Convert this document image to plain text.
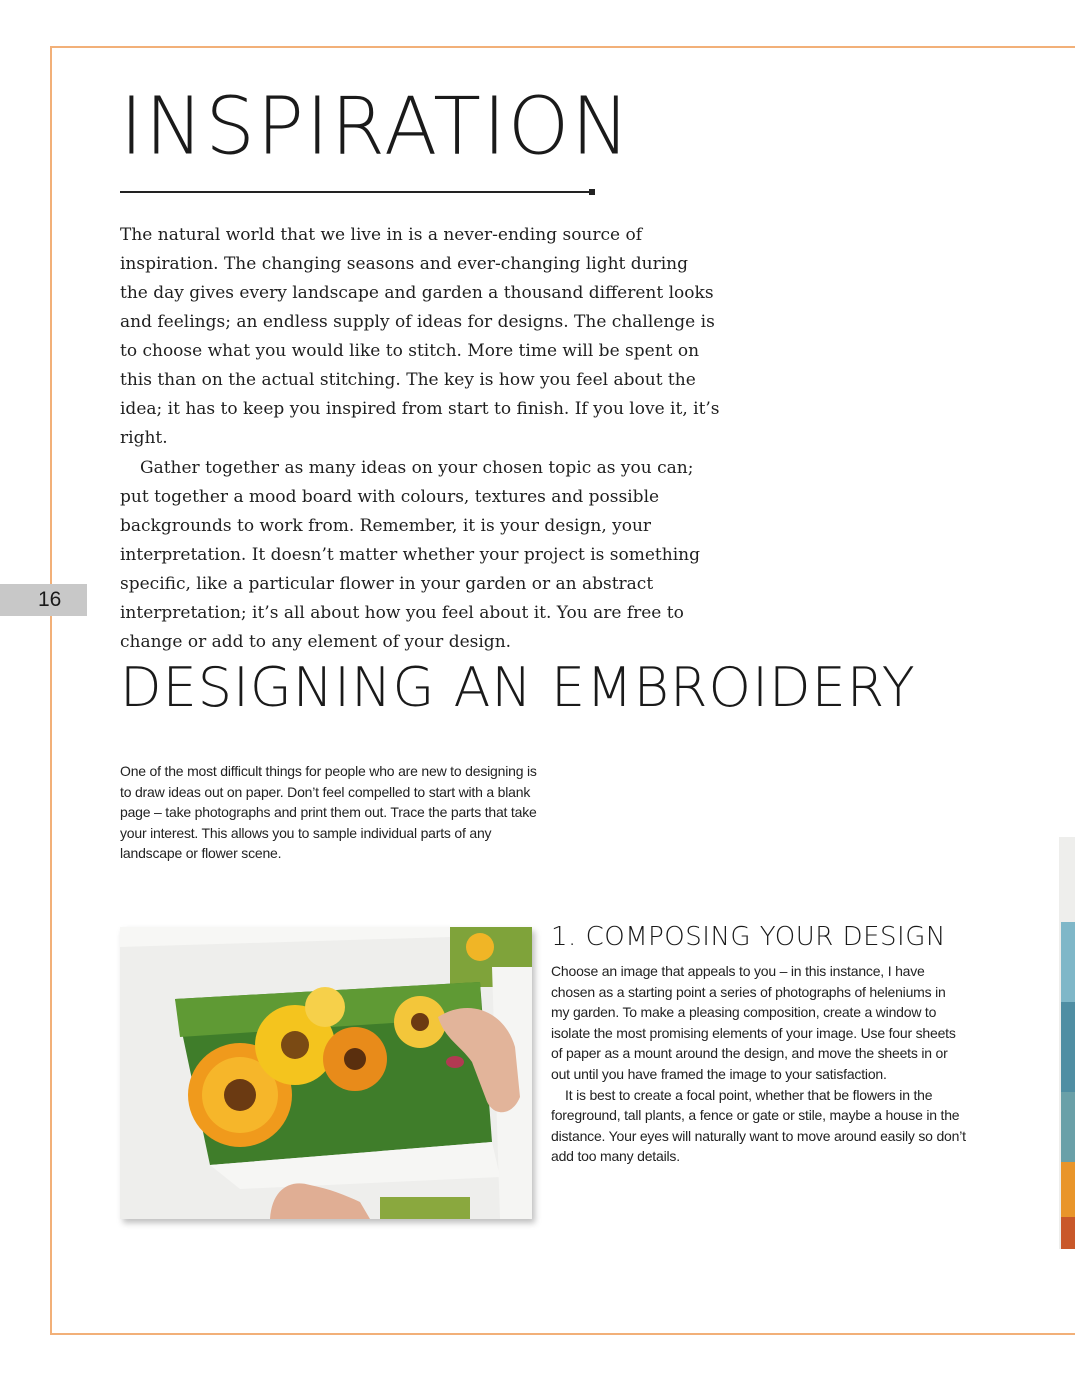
INSPIRATION

The natural world that we live in is a never-ending source of inspiration. The changing seasons and ever-changing light during the day gives every landscape and garden a thousand different looks and feelings; an endless supply of ideas for designs. The challenge is to choose what you would like to stitch. More time will be spent on this than on the actual stitching. The key is how you feel about the idea; it has to keep you inspired from start to finish. If you love it, it’s right.

Gather together as many ideas on your chosen topic as you can; put together a mood board with colours, textures and possible backgrounds to work from. Remember, it is your design, your interpretation. It doesn’t matter whether your project is something specific, like a particular flower in your garden or an abstract interpretation; it’s all about how you feel about it. You are free to change or add to any element of your design.

16
DESIGNING AN EMBROIDERY

One of the most difficult things for people who are new to designing is to draw ideas out on paper. Don’t feel compelled to start with a blank page – take photographs and print them out. Trace the parts that take your interest. This allows you to sample individual parts of any landscape or flower scene.

1. COMPOSING YOUR DESIGN

Choose an image that appeals to you – in this instance, I have chosen as a starting point a series of photographs of heleniums in my garden. To make a pleasing composition, create a window to isolate the most promising elements of your image. Use four sheets of paper as a mount around the design, and move the sheets in or out until you have framed the image to your satisfaction.

It is best to create a focal point, whether that be flowers in the foreground, tall plants, a fence or gate or stile, maybe a house in the distance. Your eyes will naturally want to move around easily so don’t add too many details.
